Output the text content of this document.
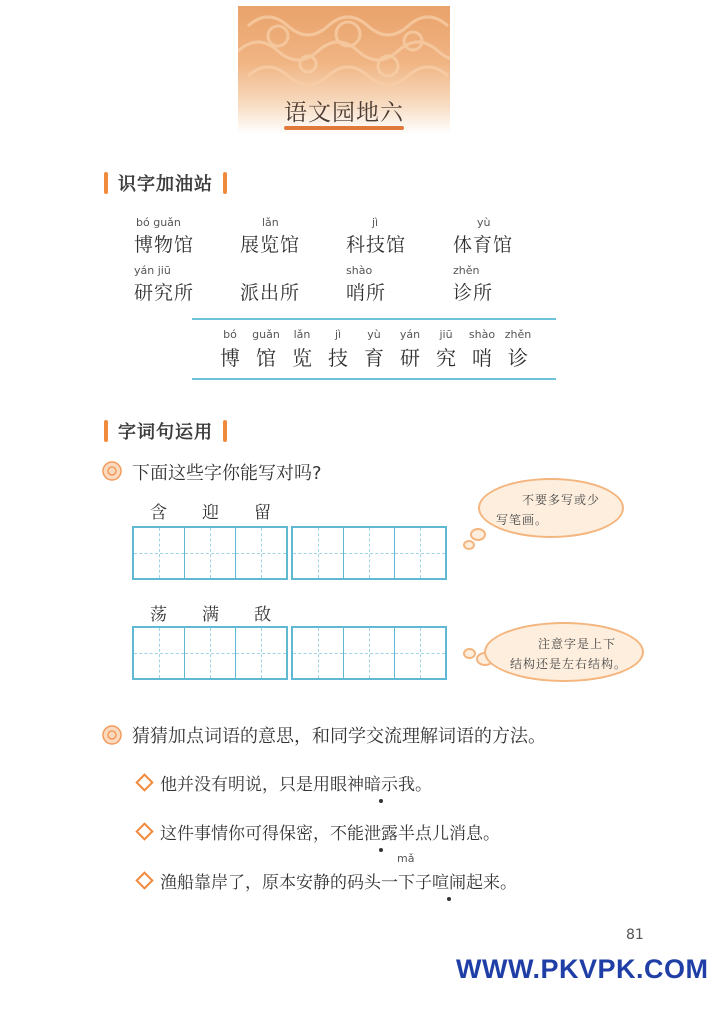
语文园地六
识字加油站
bó guǎn
博物馆
lǎn
展览馆
jì
科技馆
yù
体育馆
yán jiū
研究所 派出所
shào
哨所
zhěn
诊所
bó
博
guǎn
馆
lǎn
览
jì
技
yù
育
yán
研
jiū
究
shào
哨
zhěn
诊
字词句运用
下面这些字你能写对吗?
含 迎 留
不要多写或少
写笔画。
荡 满 敌
注意字是上下
结构还是左右结构。
猜猜加点词语的意思，和同学交流理解词语的方法。
他并没有明说，只是用眼神暗示我。
这件事情你可得保密，不能泄露半点儿消息。
mǎ
渔船靠岸了，原本安静的码头一下子喧闹起来。
81
WWW.PKVPK.COM
